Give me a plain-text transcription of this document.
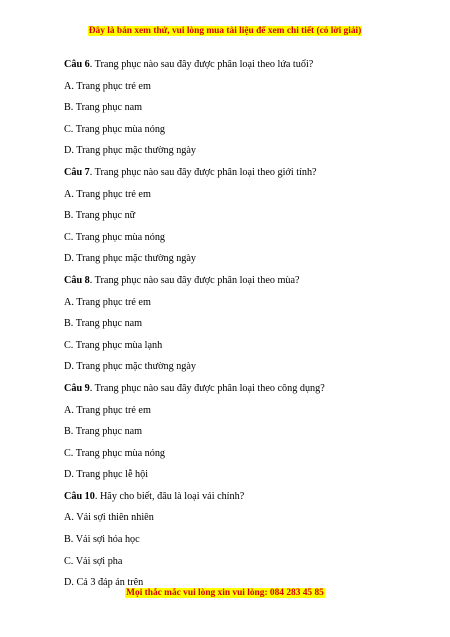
Đây là bản xem thử, vui lòng mua tài liệu để xem chi tiết (có lời giải)
Câu 6. Trang phục nào sau đây được phân loại theo lứa tuổi?
A. Trang phục trẻ em
B. Trang phục nam
C. Trang phục mùa nóng
D. Trang phục mặc thường ngày
Câu 7. Trang phục nào sau đây được phân loại theo giới tính?
A. Trang phục trẻ em
B. Trang phục nữ
C. Trang phục mùa nóng
D. Trang phục mặc thường ngày
Câu 8. Trang phục nào sau đây được phân loại theo mùa?
A. Trang phục trẻ em
B. Trang phục nam
C. Trang phục mùa lạnh
D. Trang phục mặc thường ngày
Câu 9. Trang phục nào sau đây được phân loại theo công dụng?
A. Trang phục trẻ em
B. Trang phục nam
C. Trang phục mùa nóng
D. Trang phục lễ hội
Câu 10. Hãy cho biết, đâu là loại vải chính?
A. Vải sợi thiên nhiên
B. Vải sợi hóa học
C. Vải sợi pha
D. Cả 3 đáp án trên
Mọi thắc mắc vui lòng xin vui lòng: 084 283 45 85
